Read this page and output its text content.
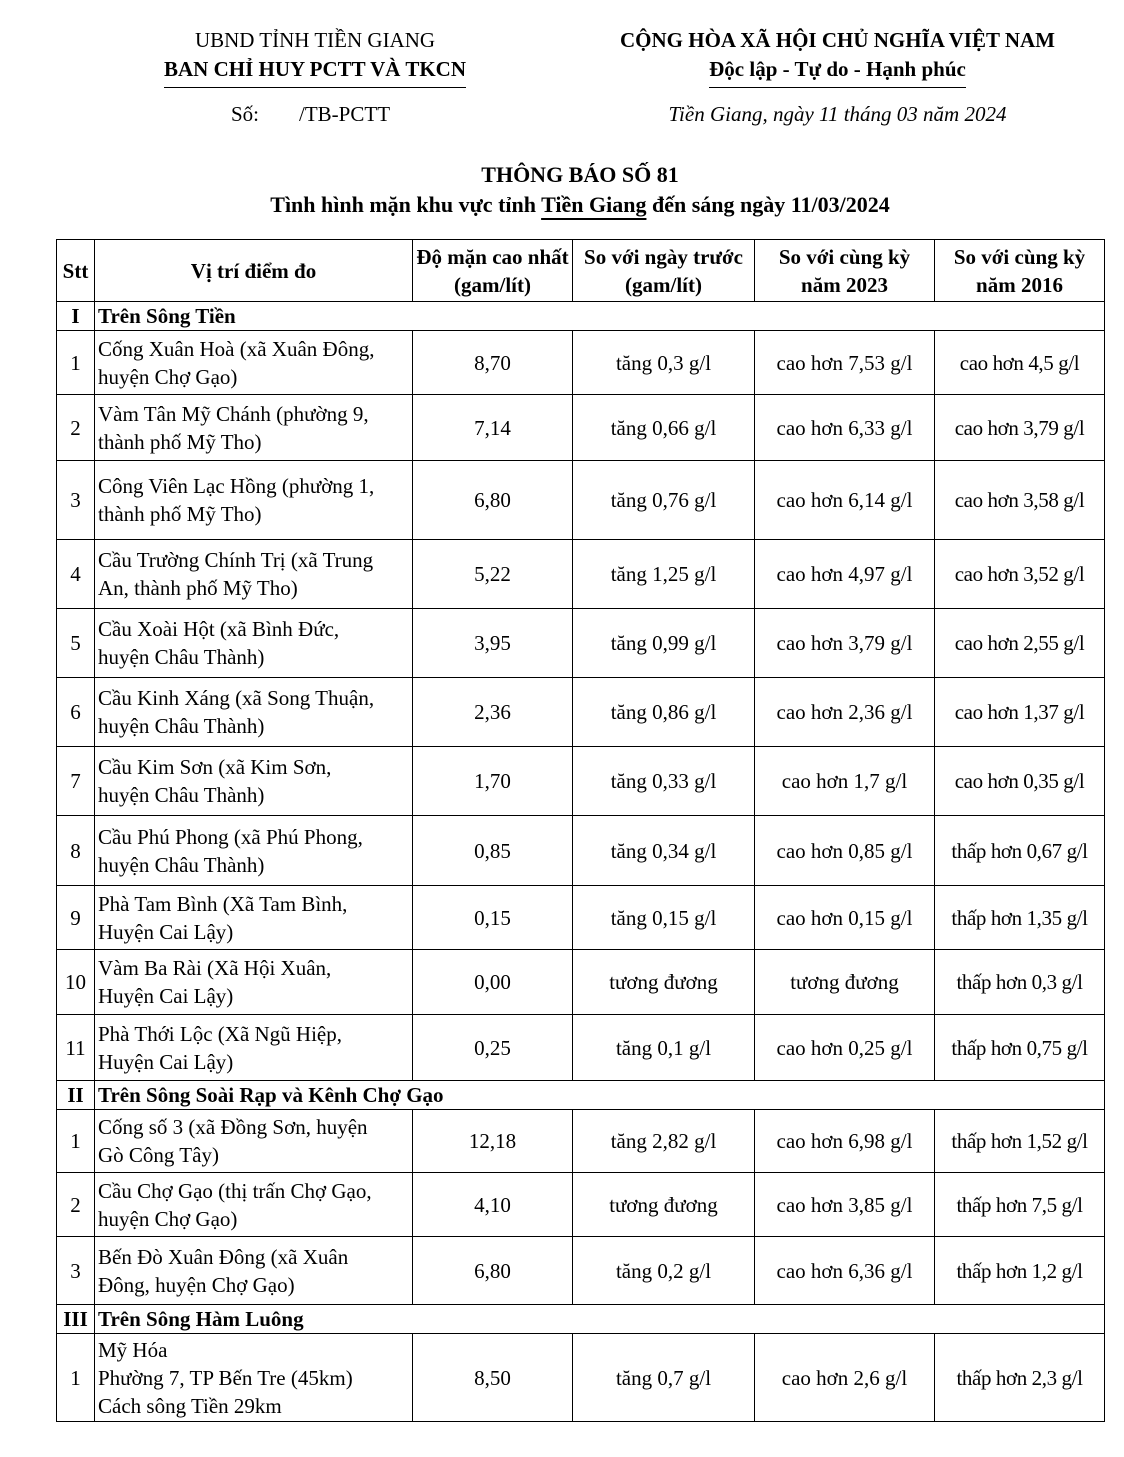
UBND TỈNH TIỀN GIANG
BAN CHỈ HUY PCTT VÀ TKCN
CỘNG HÒA XÃ HỘI CHỦ NGHĨA VIỆT NAM
Độc lập - Tự do - Hạnh phúc
Số: /TB-PCTT	Tiền Giang, ngày 11 tháng 03 năm 2024
THÔNG BÁO SỐ 81
Tình hình mặn khu vực tỉnh Tiền Giang đến sáng ngày 11/03/2024
Stt	Vị trí điểm đo	Độ mặn cao nhất (gam/lít)	So với ngày trước (gam/lít)	So với cùng kỳ năm 2023	So với cùng kỳ năm 2016
I	Trên Sông Tiền				
1	Cống Xuân Hoà (xã Xuân Đông,
huyện Chợ Gạo)	8,70	tăng 0,3 g/l	cao hơn 7,53 g/l	cao hơn 4,5 g/l
2	Vàm Tân Mỹ Chánh (phường 9,
thành phố Mỹ Tho)	7,14	tăng 0,66 g/l	cao hơn 6,33 g/l	cao hơn 3,79 g/l
3	Công Viên Lạc Hồng (phường 1,
thành phố Mỹ Tho)	6,80	tăng 0,76 g/l	cao hơn 6,14 g/l	cao hơn 3,58 g/l
4	Cầu Trường Chính Trị (xã Trung
An, thành phố Mỹ Tho)	5,22	tăng 1,25 g/l	cao hơn 4,97 g/l	cao hơn 3,52 g/l
5	Cầu Xoài Hột (xã Bình Đức,
huyện Châu Thành)	3,95	tăng 0,99 g/l	cao hơn 3,79 g/l	cao hơn 2,55 g/l
6	Cầu Kinh Xáng (xã Song Thuận,
huyện Châu Thành)	2,36	tăng 0,86 g/l	cao hơn 2,36 g/l	cao hơn 1,37 g/l
7	Cầu Kim Sơn (xã Kim Sơn,
huyện Châu Thành)	1,70	tăng 0,33 g/l	cao hơn 1,7 g/l	cao hơn 0,35 g/l
8	Cầu Phú Phong (xã Phú Phong,
huyện Châu Thành)	0,85	tăng 0,34 g/l	cao hơn 0,85 g/l	thấp hơn 0,67 g/l
9	Phà Tam Bình (Xã Tam Bình,
Huyện Cai Lậy)	0,15	tăng 0,15 g/l	cao hơn 0,15 g/l	thấp hơn 1,35 g/l
10	Vàm Ba Rài (Xã Hội Xuân,
Huyện Cai Lậy)	0,00	tương đương	tương đương	thấp hơn 0,3 g/l
11	Phà Thới Lộc (Xã Ngũ Hiệp,
Huyện Cai Lậy)	0,25	tăng 0,1 g/l	cao hơn 0,25 g/l	thấp hơn 0,75 g/l
II	Trên Sông Soài Rạp và Kênh Chợ Gạo				
1	Cống số 3 (xã Đồng Sơn, huyện
Gò Công Tây)	12,18	tăng 2,82 g/l	cao hơn 6,98 g/l	thấp hơn 1,52 g/l
2	Cầu Chợ Gạo (thị trấn Chợ Gạo,
huyện Chợ Gạo)	4,10	tương đương	cao hơn 3,85 g/l	thấp hơn 7,5 g/l
3	Bến Đò Xuân Đông (xã Xuân
Đông, huyện Chợ Gạo)	6,80	tăng 0,2 g/l	cao hơn 6,36 g/l	thấp hơn 1,2 g/l
III	Trên Sông Hàm Luông				
1	Mỹ Hóa
Phường 7, TP Bến Tre (45km)
Cách sông Tiền 29km	8,50	tăng 0,7 g/l	cao hơn 2,6 g/l	thấp hơn 2,3 g/l
